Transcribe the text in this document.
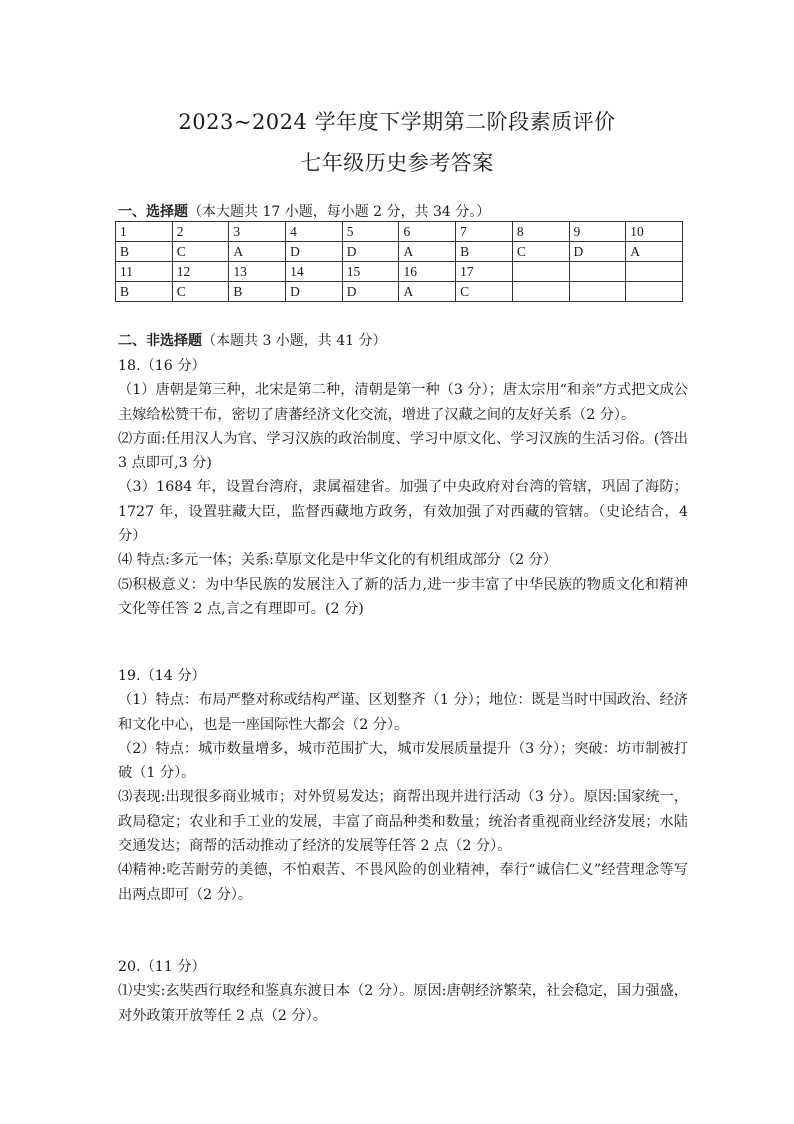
2023~2024 学年度下学期第二阶段素质评价
七年级历史参考答案
一、选择题（本大题共 17 小题，每小题 2 分，共 34 分。）
1	2	3	4	5	6	7	8	9	10
B	C	A	D	D	A	B	C	D	A
11	12	13	14	15	16	17			
B	C	B	D	D	A	C			
二、非选择题（本题共 3 小题，共 41 分）

18.（16 分）

（1）唐朝是第三种，北宋是第二种，清朝是第一种（3 分）；唐太宗用“和亲”方式把文成公主嫁给松赞干布，密切了唐蕃经济文化交流，增进了汉藏之间的友好关系（2 分）。

⑵方面:任用汉人为官、学习汉族的政治制度、学习中原文化、学习汉族的生活习俗。(答出 3 点即可,3 分)

（3）1684 年，设置台湾府，隶属福建省。加强了中央政府对台湾的管辖，巩固了海防；1727 年，设置驻藏大臣，监督西藏地方政务，有效加强了对西藏的管辖。（史论结合，4 分）

⑷ 特点:多元一体；关系:草原文化是中华文化的有机组成部分（2 分）

⑸积极意义：为中华民族的发展注入了新的活力,进一步丰富了中华民族的物质文化和精神文化等任答 2 点,言之有理即可。(2 分)

19.（14 分）

（1）特点：布局严整对称或结构严谨、区划整齐（1 分）；地位：既是当时中国政治、经济和文化中心，也是一座国际性大都会（2 分）。

（2）特点：城市数量增多，城市范围扩大，城市发展质量提升（3 分）；突破：坊市制被打破（1 分）。

⑶表现:出现很多商业城市；对外贸易发达；商帮出现并进行活动（3 分）。原因:国家统一，政局稳定；农业和手工业的发展，丰富了商品种类和数量；统治者重视商业经济发展；水陆交通发达；商帮的活动推动了经济的发展等任答 2 点（2 分）。

⑷精神:吃苦耐劳的美德，不怕艰苦、不畏风险的创业精神，奉行“诚信仁义”经营理念等写出两点即可（2 分）。

20.（11 分）

⑴史实:玄奘西行取经和鉴真东渡日本（2 分）。原因:唐朝经济繁荣，社会稳定，国力强盛，对外政策开放等任 2 点（2 分）。
